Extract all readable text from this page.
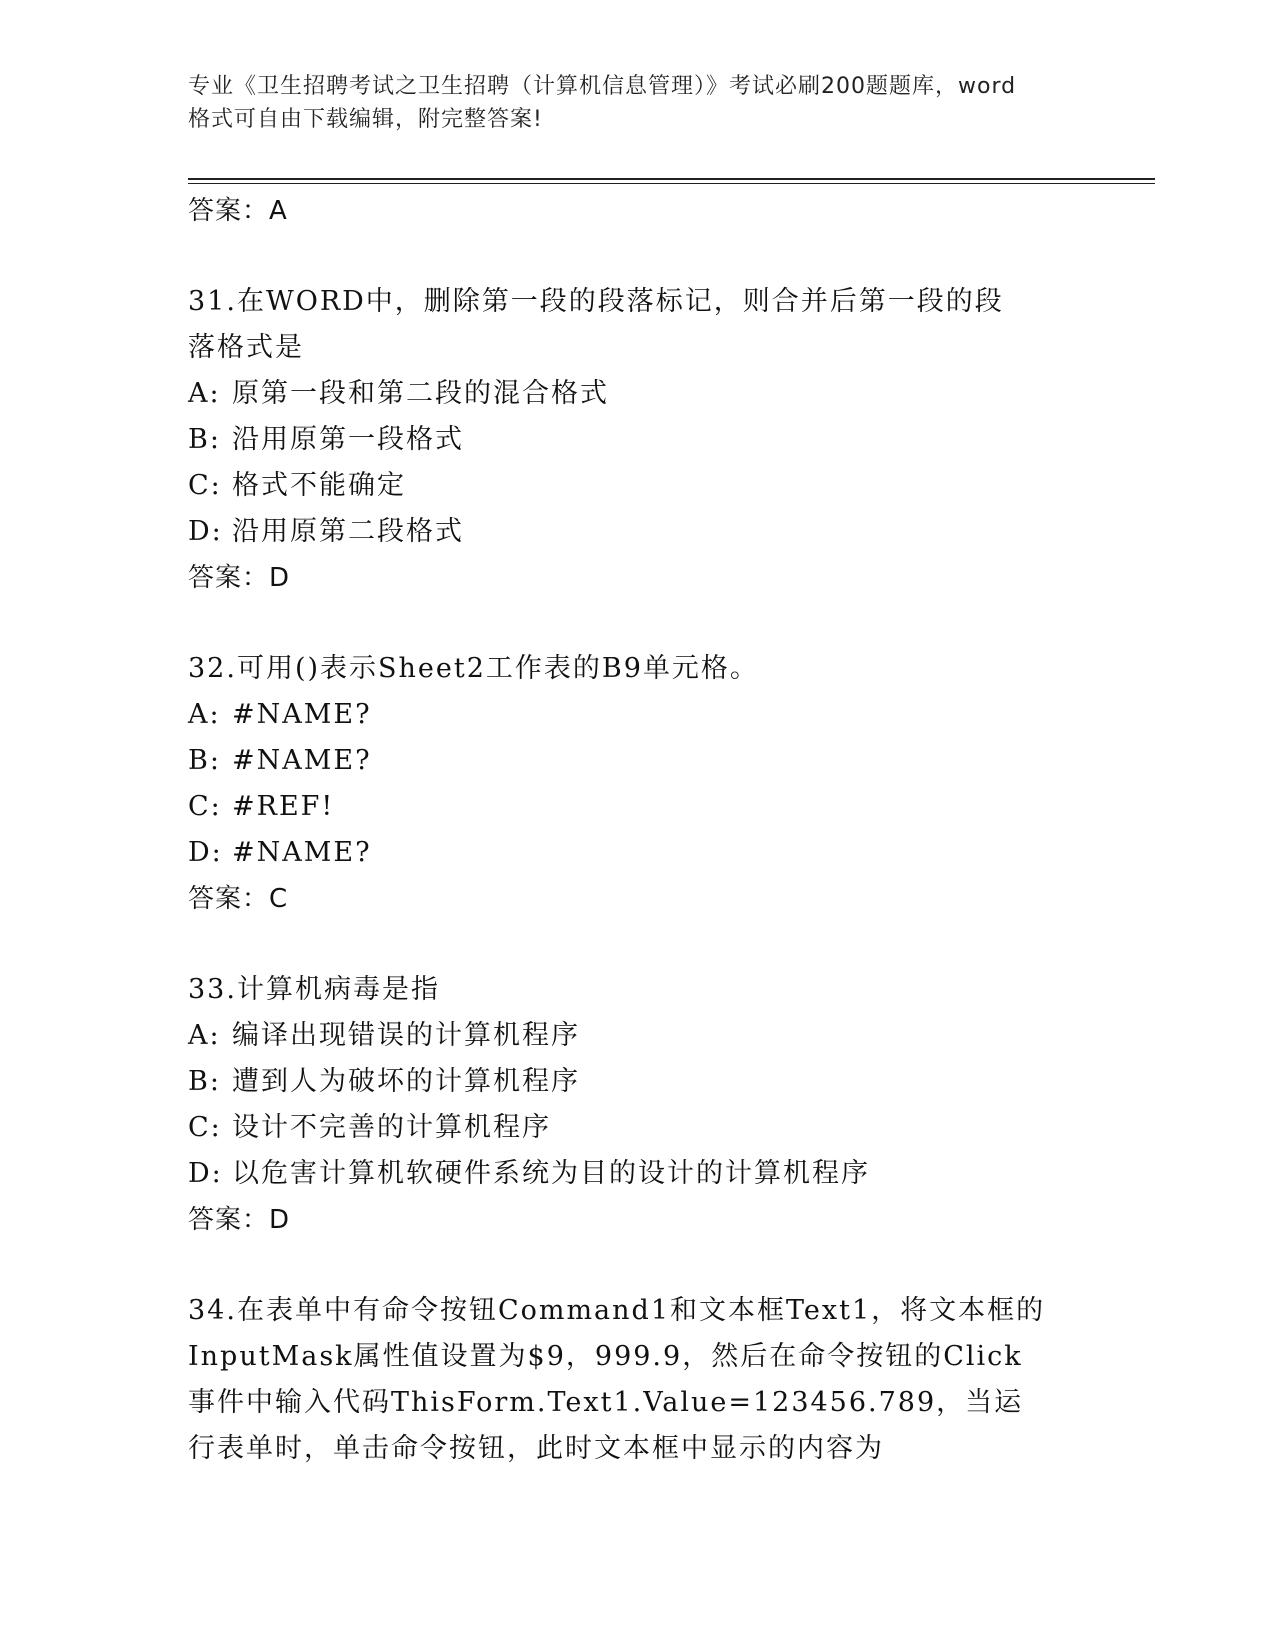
专业《卫生招聘考试之卫生招聘（计算机信息管理）》考试必刷200题题库，word
格式可自由下载编辑，附完整答案!
答案：A
31.在WORD中，删除第一段的段落标记，则合并后第一段的段落格式是
A: 原第一段和第二段的混合格式
B: 沿用原第一段格式
C: 格式不能确定
D: 沿用原第二段格式
答案：D
32.可用()表示Sheet2工作表的B9单元格。
A: #NAME?
B: #NAME?
C: #REF!
D: #NAME?
答案：C
33.计算机病毒是指
A: 编译出现错误的计算机程序
B: 遭到人为破坏的计算机程序
C: 设计不完善的计算机程序
D: 以危害计算机软硬件系统为目的设计的计算机程序
答案：D
34.在表单中有命令按钮Command1和文本框Text1，将文本框的InputMask属性值设置为$9，999.9，然后在命令按钮的Click事件中输入代码ThisForm.Text1.Value=123456.789，当运行表单时，单击命令按钮，此时文本框中显示的内容为
